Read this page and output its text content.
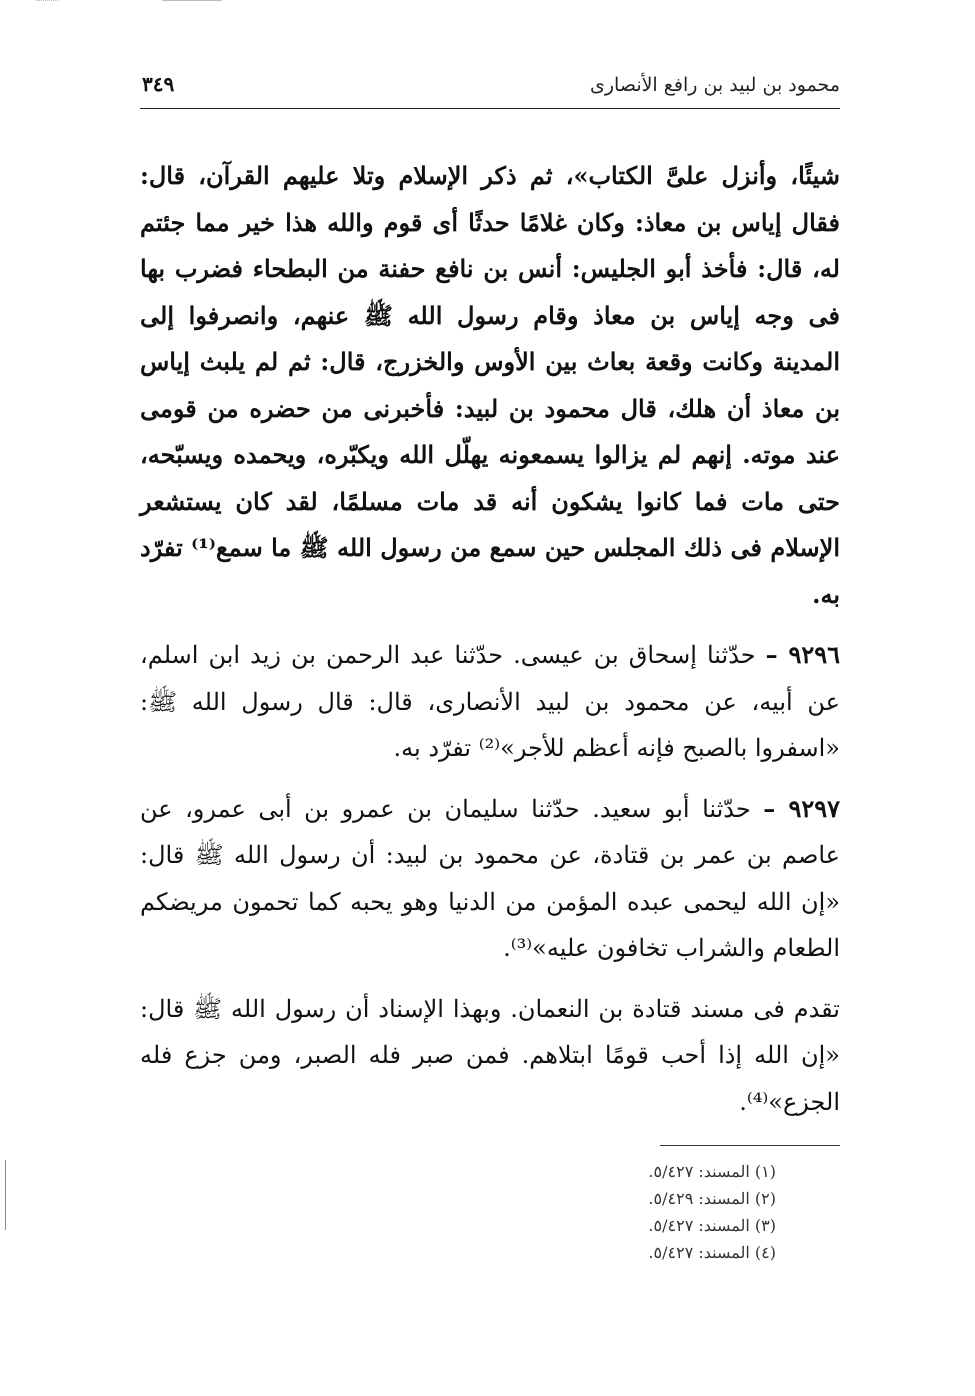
محمود بن لبيد بن رافع الأنصارى
٣٤٩

شيئًا، وأنزل علىَّ الكتاب»، ثم ذكر الإسلام وتلا عليهم القرآن، قال: فقال إياس بن معاذ: وكان غلامًا حدثًا أى قوم والله هذا خير مما جئتم له، قال: فأخذ أبو الجليس: أنس بن نافع حفنة من البطحاء فضرب بها فى وجه إياس بن معاذ وقام رسول الله ﷺ عنهم، وانصرفوا إلى المدينة وكانت وقعة بعاث بين الأوس والخزرج، قال: ثم لم يلبث إياس بن معاذ أن هلك، قال محمود بن لبيد: فأخبرنى من حضره من قومى عند موته. إنهم لم يزالوا يسمعونه يهلّل الله ويكبّره، ويحمده ويسبّحه، حتى مات فما كانوا يشكون أنه قد مات مسلمًا، لقد كان يستشعر الإسلام فى ذلك المجلس حين سمع من رسول الله ﷺ ما سمع⁽¹⁾ تفرّد به.

٩٢٩٦ – حدّثنا إسحاق بن عيسى. حدّثنا عبد الرحمن بن زيد ابن اسلم، عن أبيه، عن محمود بن لبيد الأنصارى، قال: قال رسول الله ﷺ: «اسفروا بالصبح فإنه أعظم للأجر»⁽²⁾ تفرّد به.

٩٢٩٧ – حدّثنا أبو سعيد. حدّثنا سليمان بن عمرو بن أبى عمرو، عن عاصم بن عمر بن قتادة، عن محمود بن لبيد: أن رسول الله ﷺ قال: «إن الله ليحمى عبده المؤمن من الدنيا وهو يحبه كما تحمون مريضكم الطعام والشراب تخافون عليه»⁽³⁾.

تقدم فى مسند قتادة بن النعمان. وبهذا الإسناد أن رسول الله ﷺ قال: «إن الله إذا أحب قومًا ابتلاهم. فمن صبر فله الصبر، ومن جزع فله الجزع»⁽⁴⁾.

(١) المسند: ٥/٤٢٧.
(٢) المسند: ٥/٤٢٩.
(٣) المسند: ٥/٤٢٧.
(٤) المسند: ٥/٤٢٧.
